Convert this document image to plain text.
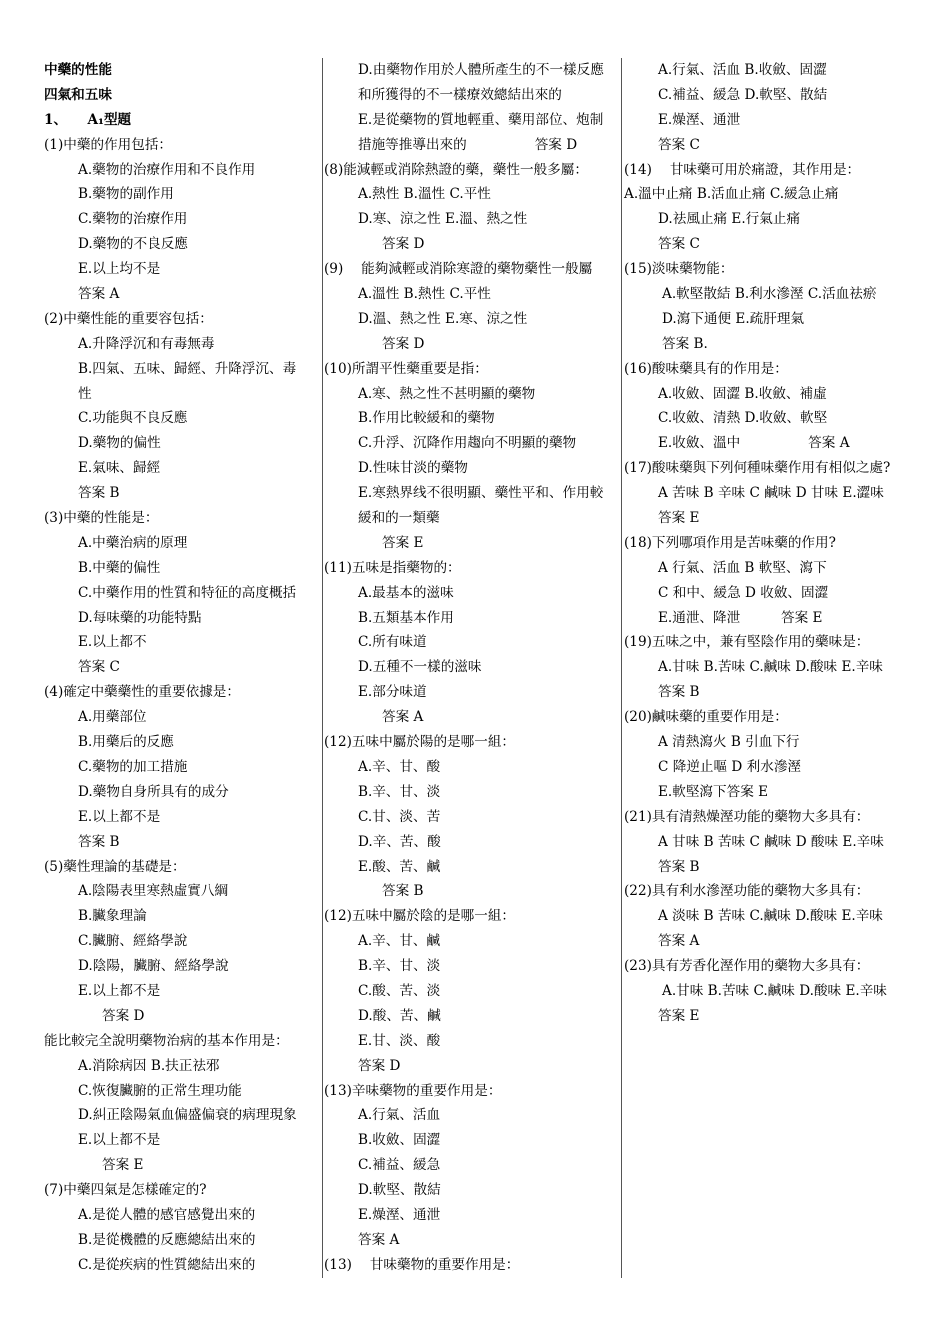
中藥的性能
四氣和五味
1、　　A₁型題
(1)中藥的作用包括：
A.藥物的治療作用和不良作用
B.藥物的副作用
C.藥物的治療作用
D.藥物的不良反應
E.以上均不是
答案 A
(2)中藥性能的重要容包括：
A.升降浮沉和有毒無毒
B.四氣、五味、歸經、升降浮沉、毒
性
C.功能與不良反應
D.藥物的偏性
E.氣味、歸經
答案 B
(3)中藥的性能是：
A.中藥治病的原理
B.中藥的偏性
C.中藥作用的性質和特征的高度概括
D.每味藥的功能特點
E.以上都不
答案 C
(4)確定中藥藥性的重要依據是：
A.用藥部位
B.用藥后的反應
C.藥物的加工措施
D.藥物自身所具有的成分
E.以上都不是
答案 B
(5)藥性理論的基礎是：
A.陰陽表里寒熱虛實八綱
B.臟象理論
C.臟腑、經絡學說
D.陰陽，臟腑、經絡學說
E.以上都不是
答案 D
能比較完全說明藥物治病的基本作用是：
A.消除病因 B.扶正祛邪
C.恢復臟腑的正常生理功能
D.糾正陰陽氣血偏盛偏衰的病理現象
E.以上都不是
答案 E
(7)中藥四氣是怎樣確定的?
A.是從人體的感官感覺出來的
B.是從機體的反應總結出來的
C.是從疾病的性質總結出來的
D.由藥物作用於人體所產生的不一樣反應
和所獲得的不一樣療效總結出來的
E.是從藥物的質地輕重、藥用部位、炮制
措施等推導出來的　　　　　答案 D
(8)能減輕或消除熱證的藥，藥性一般多屬：
A.熱性 B.溫性 C.平性
D.寒、涼之性 E.溫、熱之性
答案 D
(9)　 能夠減輕或消除寒證的藥物藥性一般屬
A.溫性 B.熱性 C.平性
D.溫、熱之性 E.寒、涼之性
答案 D
(10)所謂平性藥重要是指：
A.寒、熱之性不甚明顯的藥物
B.作用比較緩和的藥物
C.升浮、沉降作用趨向不明顯的藥物
D.性味甘淡的藥物
E.寒熱界线不很明顯、藥性平和、作用較
緩和的一類藥
答案 E
(11)五味是指藥物的：
A.最基本的滋味
B.五類基本作用
C.所有味道
D.五種不一樣的滋味
E.部分味道
答案 A
(12)五味中屬於陽的是哪一組：
A.辛、甘、酸
B.辛、甘、淡
C.甘、淡、苦
D.辛、苦、酸
E.酸、苦、鹹
答案 B
(12)五味中屬於陰的是哪一組：
A.辛、甘、鹹
B.辛、甘、淡
C.酸、苦、淡
D.酸、苦、鹹
E.甘、淡、酸
答案 D
(13)辛味藥物的重要作用是：
A.行氣、活血
B.收斂、固澀
C.補益、緩急
D.軟堅、散結
E.燥溼、通泄
答案 A
(13)　 甘味藥物的重要作用是：
A.行氣、活血 B.收斂、固澀
C.補益、緩急 D.軟堅、散結
E.燥溼、通泄
答案 C
(14)　 甘味藥可用於痛證，其作用是：
A.溫中止痛 B.活血止痛 C.緩急止痛
D.祛風止痛 E.行氣止痛
答案 C
(15)淡味藥物能：
A.軟堅散結 B.利水滲溼 C.活血祛瘀
D.瀉下通便 E.疏肝理氣
答案 B.
(16)酸味藥具有的作用是：
A.收斂、固澀 B.收斂、補虛
C.收斂、清熱 D.收斂、軟堅
E.收斂、溫中　　　　　答案 A
(17)酸味藥與下列何種味藥作用有相似之處?
A 苦味 B 辛味 C 鹹味 D 甘味 E.澀味
答案 E
(18)下列哪項作用是苦味藥的作用?
A 行氣、活血 B 軟堅、瀉下
C 和中、緩急 D 收斂、固澀
E.通泄、降泄　　　答案 E
(19)五味之中，兼有堅陰作用的藥味是：
A.甘味 B.苦味 C.鹹味 D.酸味 E.辛味
答案 B
(20)鹹味藥的重要作用是：
A 清熱瀉火 B 引血下行
C 降逆止嘔 D 利水滲溼
E.軟堅瀉下答案 E
(21)具有清熱燥溼功能的藥物大多具有：
A 甘味 B 苦味 C 鹹味 D 酸味 E.辛味
答案 B
(22)具有利水滲溼功能的藥物大多具有：
A 淡味 B 苦味 C.鹹味 D.酸味 E.辛味
答案 A
(23)具有芳香化溼作用的藥物大多具有：
A.甘味 B.苦味 C.鹹味 D.酸味 E.辛味
答案 E
